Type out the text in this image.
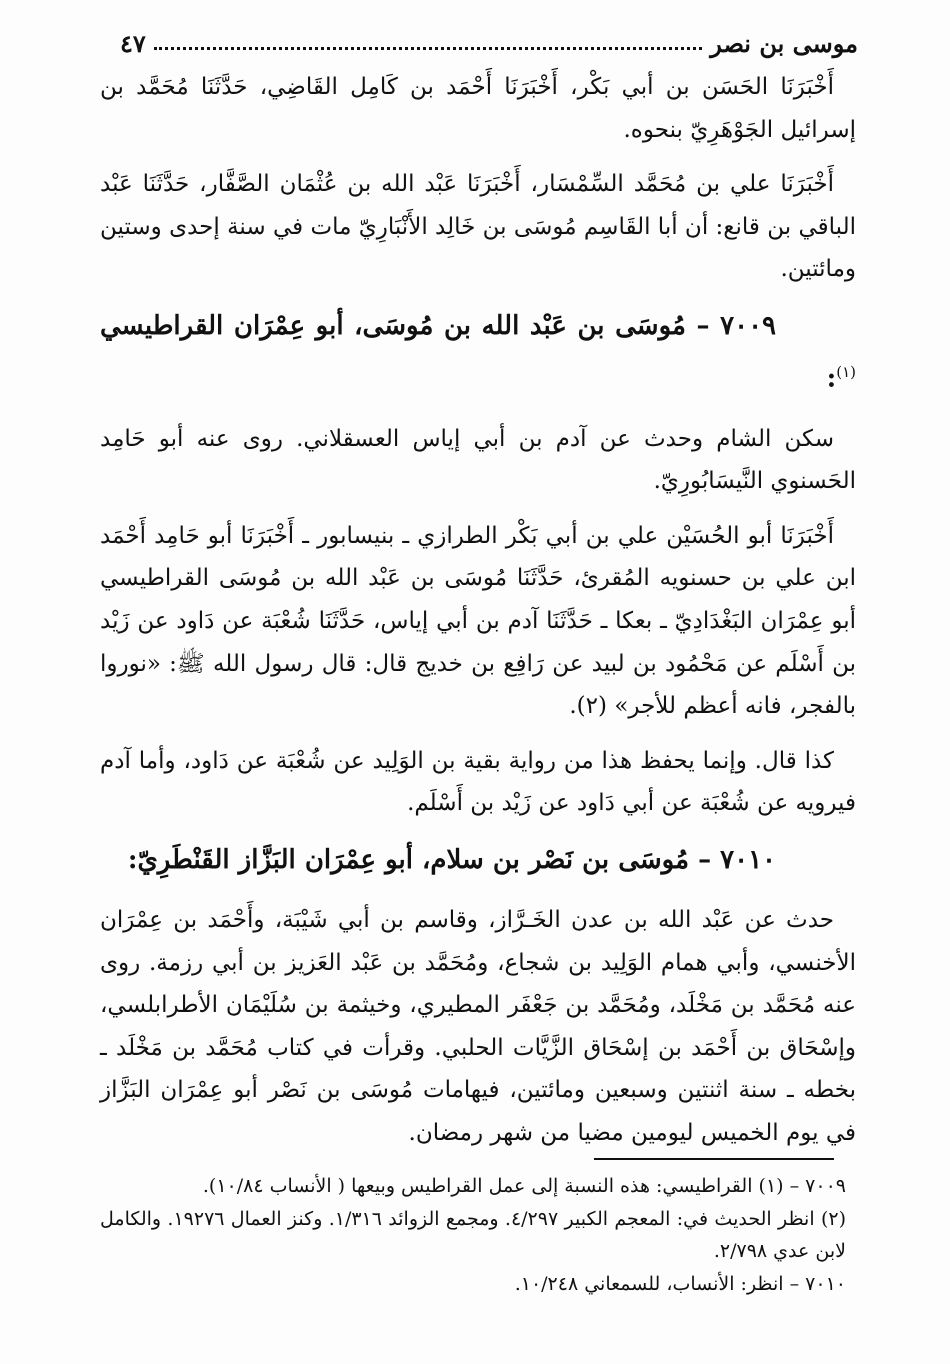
موسى بن نصر
٤٧

أَخْبَرَنَا الحَسَن بن أبي بَكْر، أَخْبَرَنَا أَحْمَد بن كَامِل القَاضِي، حَدَّثَنَا مُحَمَّد بن إسرائيل الجَوْهَرِيّ بنحوه.

أَخْبَرَنَا علي بن مُحَمَّد السِّمْسَار، أَخْبَرَنَا عَبْد الله بن عُثْمَان الصَّفَّار، حَدَّثَنَا عَبْد الباقي بن قانع: أن أبا القَاسِم مُوسَى بن خَالِد الأَنْبَارِيّ مات في سنة إحدى وستين ومائتين.

٧٠٠٩ – مُوسَى بن عَبْد الله بن مُوسَى، أبو عِمْرَان القراطيسي $^{(١)}$:

سكن الشام وحدث عن آدم بن أبي إياس العسقلاني. روى عنه أبو حَامِد الحَسنوي النَّيسَابُورِيّ.

أَخْبَرَنَا أبو الحُسَيْن علي بن أبي بَكْر الطرازي ـ بنيسابور ـ أَخْبَرَنَا أبو حَامِد أَحْمَد ابن علي بن حسنويه المُقرئ، حَدَّثَنَا مُوسَى بن عَبْد الله بن مُوسَى القراطيسي أبو عِمْرَان البَغْدَادِيّ ـ بعكا ـ حَدَّثَنَا آدم بن أبي إياس، حَدَّثَنَا شُعْبَة عن دَاود عن زَيْد بن أَسْلَم عن مَحْمُود بن لبيد عن رَافِع بن خديج قال: قال رسول الله ﷺ: «نوروا بالفجر، فانه أعظم للأجر» (٢).

كذا قال. وإنما يحفظ هذا من رواية بقية بن الوَلِيد عن شُعْبَة عن دَاود، وأما آدم فيرويه عن شُعْبَة عن أبي دَاود عن زَيْد بن أَسْلَم.

٧٠١٠ – مُوسَى بن نَصْر بن سلام، أبو عِمْرَان البَزَّاز القَنْطَرِيّ:

حدث عن عَبْد الله بن عدن الخَـرَّاز، وقاسم بن أبي شَيْبَة، وأَحْمَد بن عِمْرَان الأخنسي، وأبي همام الوَلِيد بن شجاع، ومُحَمَّد بن عَبْد العَزيز بن أبي رزمة. روى عنه مُحَمَّد بن مَخْلَد، ومُحَمَّد بن جَعْفَر المطيري، وخيثمة بن سُلَيْمَان الأطرابلسي، وإسْحَاق بن أَحْمَد بن إسْحَاق الزَّيَّات الحلبي. وقرأت في كتاب مُحَمَّد بن مَخْلَد ـ بخطه ـ سنة اثنتين وسبعين ومائتين، فيهامات مُوسَى بن نَصْر أبو عِمْرَان البَزَّاز في يوم الخميس ليومين مضيا من شهر رمضان.

٧٠٠٩ – (١) القراطيسي: هذه النسبة إلى عمل القراطيس وبيعها ( الأنساب ١٠/٨٤).

(٢) انظر الحديث في: المعجم الكبير ٤/٢٩٧. ومجمع الزوائد ١/٣١٦. وكنز العمال ١٩٢٧٦. والكامل لابن عدي ٢/٧٩٨.

٧٠١٠ – انظر: الأنساب، للسمعاني ١٠/٢٤٨.
